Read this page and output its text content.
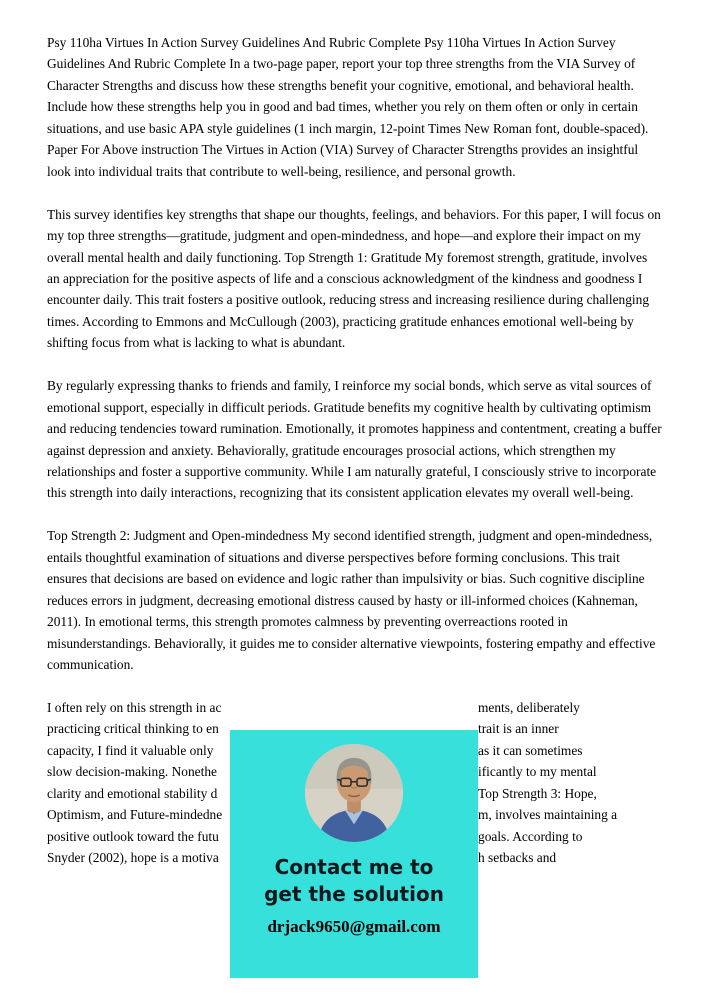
Psy 110ha Virtues In Action Survey Guidelines And Rubric Complete Psy 110ha Virtues In Action Survey Guidelines And Rubric Complete In a two-page paper, report your top three strengths from the VIA Survey of Character Strengths and discuss how these strengths benefit your cognitive, emotional, and behavioral health. Include how these strengths help you in good and bad times, whether you rely on them often or only in certain situations, and use basic APA style guidelines (1 inch margin, 12-point Times New Roman font, double-spaced). Paper For Above instruction The Virtues in Action (VIA) Survey of Character Strengths provides an insightful look into individual traits that contribute to well-being, resilience, and personal growth.

This survey identifies key strengths that shape our thoughts, feelings, and behaviors. For this paper, I will focus on my top three strengths—gratitude, judgment and open-mindedness, and hope—and explore their impact on my overall mental health and daily functioning. Top Strength 1: Gratitude My foremost strength, gratitude, involves an appreciation for the positive aspects of life and a conscious acknowledgment of the kindness and goodness I encounter daily. This trait fosters a positive outlook, reducing stress and increasing resilience during challenging times. According to Emmons and McCullough (2003), practicing gratitude enhances emotional well-being by shifting focus from what is lacking to what is abundant.

By regularly expressing thanks to friends and family, I reinforce my social bonds, which serve as vital sources of emotional support, especially in difficult periods. Gratitude benefits my cognitive health by cultivating optimism and reducing tendencies toward rumination. Emotionally, it promotes happiness and contentment, creating a buffer against depression and anxiety. Behaviorally, gratitude encourages prosocial actions, which strengthen my relationships and foster a supportive community. While I am naturally grateful, I consciously strive to incorporate this strength into daily interactions, recognizing that its consistent application elevates my overall well-being.

Top Strength 2: Judgment and Open-mindedness My second identified strength, judgment and open-mindedness, entails thoughtful examination of situations and diverse perspectives before forming conclusions. This trait ensures that decisions are based on evidence and logic rather than impulsivity or bias. Such cognitive discipline reduces errors in judgment, decreasing emotional distress caused by hasty or ill-informed choices (Kahneman, 2011). In emotional terms, this strength promotes calmness by preventing overreactions rooted in misunderstandings. Behaviorally, it guides me to consider alternative viewpoints, fostering empathy and effective communication.

I often rely on this strength in ac	ments, deliberately
practicing critical thinking to en	trait is an inner
capacity, I find it valuable only	as it can sometimes
slow decision-making. Nonethe	ificantly to my mental
clarity and emotional stability d	Top Strength 3: Hope,
Optimism, and Future-mindedne	m, involves maintaining a
positive outlook toward the futu	goals. According to
Snyder (2002), hope is a motiva	h setbacks and
Contact me to
get the solution
drjack9650@gmail.com
